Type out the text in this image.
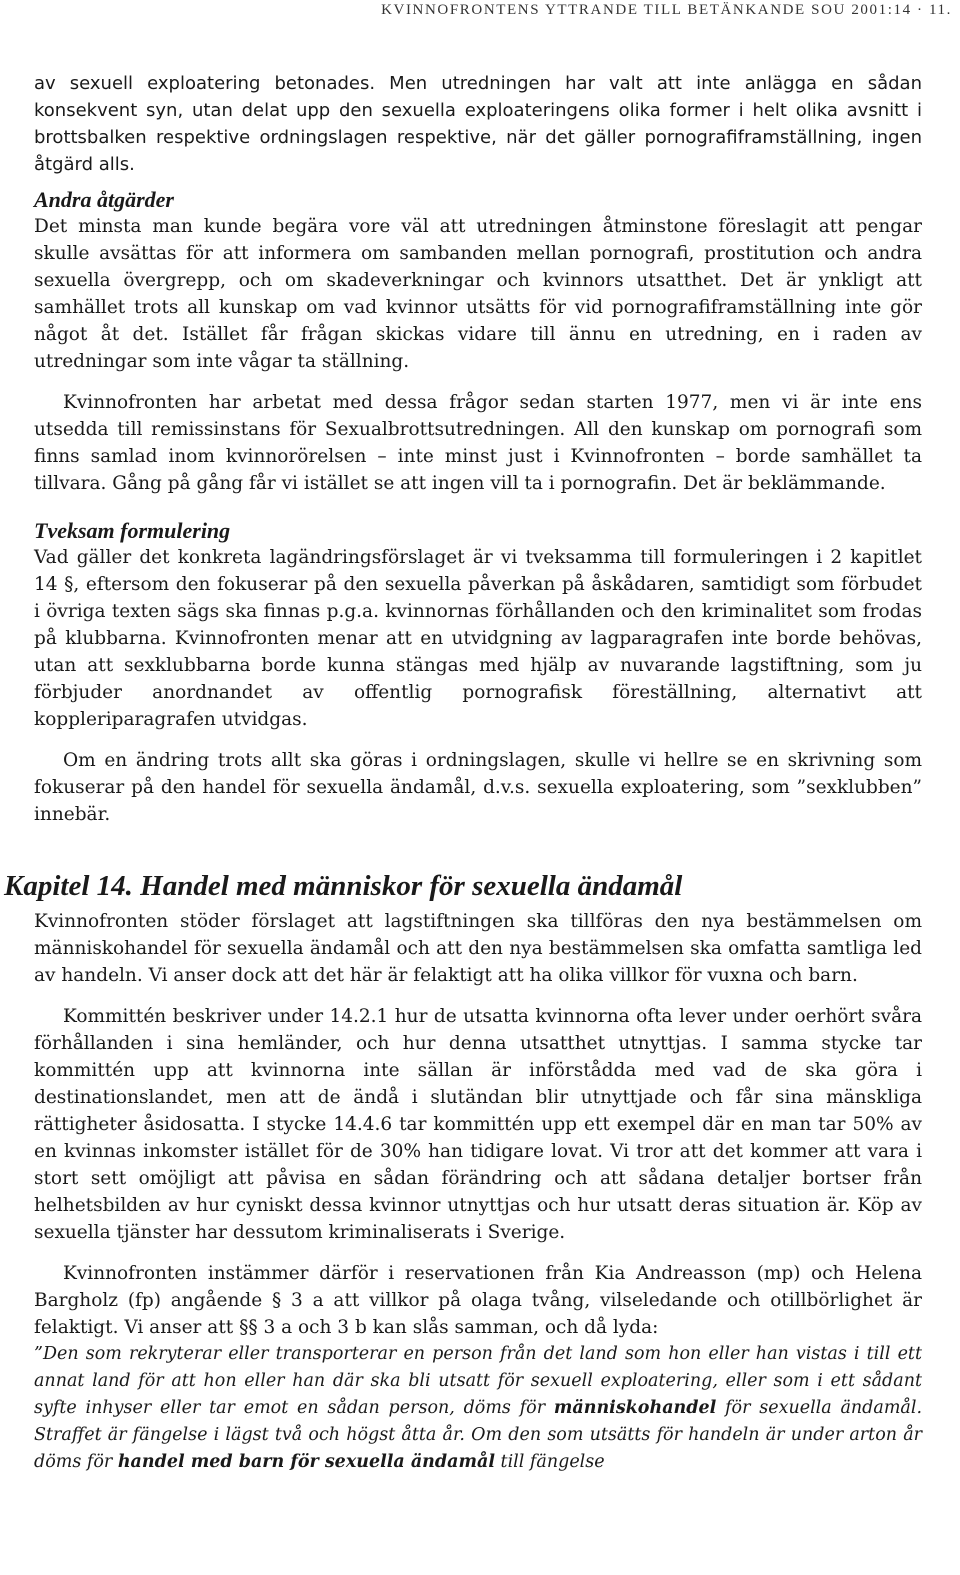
KVINNOFRONTENS YTTRANDE TILL BETÄNKANDE SOU 2001:14 · 11.

av sexuell exploatering betonades. Men utredningen har valt att inte anlägga en sådan konsekvent syn, utan delat upp den sexuella exploateringens olika former i helt olika avsnitt i brottsbalken respektive ordningslagen respektive, när det gäller pornografiframställning, ingen åtgärd alls.

Andra åtgärder

Det minsta man kunde begära vore väl att utredningen åtminstone föreslagit att pengar skulle avsättas för att informera om sambanden mellan pornografi, prostitution och andra sexuella övergrepp, och om skadeverkningar och kvinnors utsatthet. Det är ynkligt att samhället trots all kunskap om vad kvinnor utsätts för vid pornografiframställning inte gör något åt det. Istället får frågan skickas vidare till ännu en utredning, en i raden av utredningar som inte vågar ta ställning.

Kvinnofronten har arbetat med dessa frågor sedan starten 1977, men vi är inte ens utsedda till remissinstans för Sexualbrottsutredningen. All den kunskap om pornografi som finns samlad inom kvinnorörelsen – inte minst just i Kvinnofronten – borde samhället ta tillvara. Gång på gång får vi istället se att ingen vill ta i pornografin. Det är beklämmande.

Tveksam formulering

Vad gäller det konkreta lagändringsförslaget är vi tveksamma till formuleringen i 2 kapitlet 14 §, eftersom den fokuserar på den sexuella påverkan på åskådaren, samtidigt som förbudet i övriga texten sägs ska finnas p.g.a. kvinnornas förhållanden och den kriminalitet som frodas på klubbarna. Kvinnofronten menar att en utvidgning av lagparagrafen inte borde behövas, utan att sexklubbarna borde kunna stängas med hjälp av nuvarande lagstiftning, som ju förbjuder anordnandet av offentlig pornografisk föreställning, alternativt att koppleriparagrafen utvidgas.

Om en ändring trots allt ska göras i ordningslagen, skulle vi hellre se en skrivning som fokuserar på den handel för sexuella ändamål, d.v.s. sexuella exploatering, som ”sexklubben” innebär.

Kapitel 14. Handel med människor för sexuella ändamål

Kvinnofronten stöder förslaget att lagstiftningen ska tillföras den nya bestämmelsen om människohandel för sexuella ändamål och att den nya bestämmelsen ska omfatta samtliga led av handeln. Vi anser dock att det här är felaktigt att ha olika villkor för vuxna och barn.

Kommittén beskriver under 14.2.1 hur de utsatta kvinnorna ofta lever under oerhört svåra förhållanden i sina hemländer, och hur denna utsatthet utnyttjas. I samma stycke tar kommittén upp att kvinnorna inte sällan är införstådda med vad de ska göra i destinationslandet, men att de ändå i slutändan blir utnyttjade och får sina mänskliga rättigheter åsidosatta. I stycke 14.4.6 tar kommittén upp ett exempel där en man tar 50% av en kvinnas inkomster istället för de 30% han tidigare lovat. Vi tror att det kommer att vara i stort sett omöjligt att påvisa en sådan förändring och att sådana detaljer bortser från helhetsbilden av hur cyniskt dessa kvinnor utnyttjas och hur utsatt deras situation är. Köp av sexuella tjänster har dessutom kriminaliserats i Sverige.

Kvinnofronten instämmer därför i reservationen från Kia Andreasson (mp) och Helena Bargholz (fp) angående § 3 a att villkor på olaga tvång, vilseledande och otillbörlighet är felaktigt. Vi anser att §§ 3 a och 3 b kan slås samman, och då lyda:

”Den som rekryterar eller transporterar en person från det land som hon eller han vistas i till ett annat land för att hon eller han där ska bli utsatt för sexuell exploatering, eller som i ett sådant syfte inhyser eller tar emot en sådan person, döms för människohandel för sexuella ändamål. Straffet är fängelse i lägst två och högst åtta år. Om den som utsätts för handeln är under arton år döms för handel med barn för sexuella ändamål till fängelse
